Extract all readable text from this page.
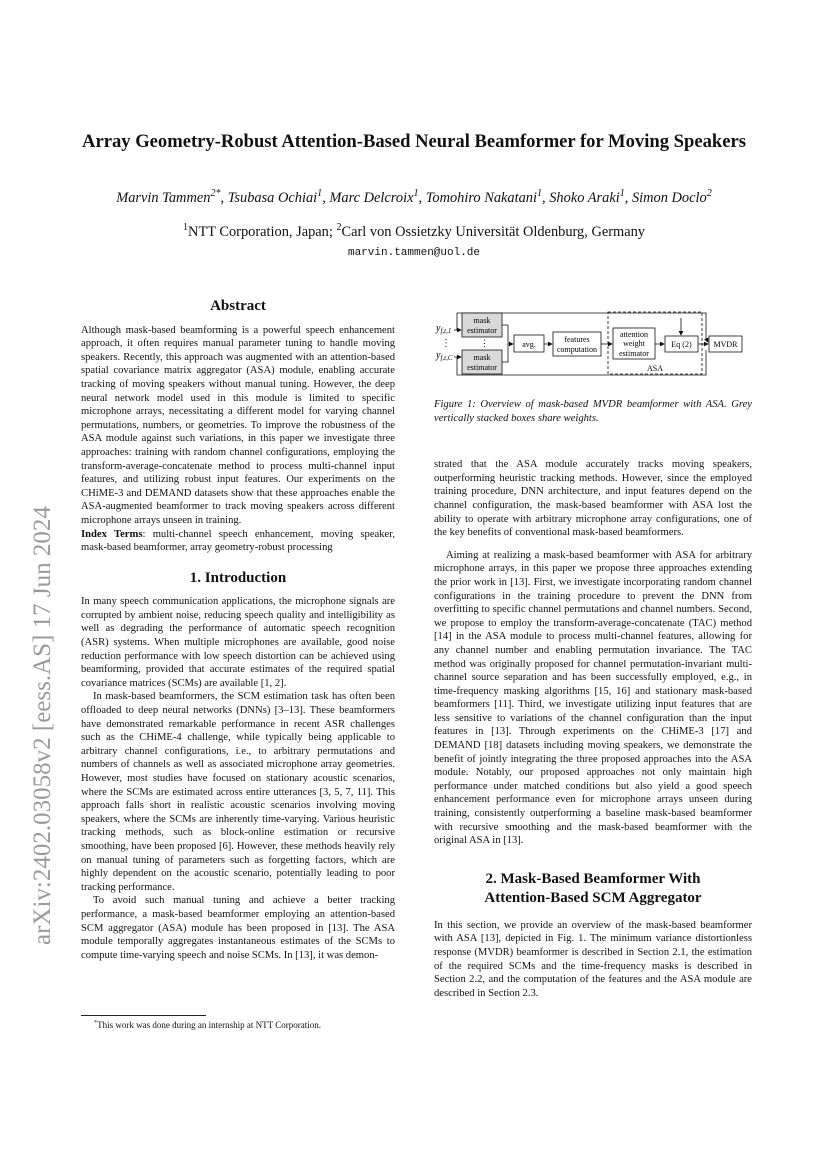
arXiv:2402.03058v2 [eess.AS] 17 Jun 2024
Array Geometry-Robust Attention-Based Neural Beamformer for Moving Speakers
Marvin Tammen$^{2*}$, Tsubasa Ochiai$^1$, Marc Delcroix$^1$, Tomohiro Nakatani$^1$, Shoko Araki$^1$, Simon Doclo$^2$
$^1$NTT Corporation, Japan; $^2$Carl von Ossietzky Universität Oldenburg, Germany
marvin.tammen@uol.de
Abstract

Although mask-based beamforming is a powerful speech enhancement approach, it often requires manual parameter tuning to handle moving speakers. Recently, this approach was augmented with an attention-based spatial covariance matrix aggregator (ASA) module, enabling accurate tracking of moving speakers without manual tuning. However, the deep neural network model used in this module is limited to specific microphone arrays, necessitating a different model for varying channel permutations, numbers, or geometries. To improve the robustness of the ASA module against such variations, in this paper we investigate three approaches: training with random channel configurations, employing the transform-average-concatenate method to process multi-channel input features, and utilizing robust input features. Our experiments on the CHiME-3 and DEMAND datasets show that these approaches enable the ASA-augmented beamformer to track moving speakers across different microphone arrays unseen in training.

Index Terms: multi-channel speech enhancement, moving speaker, mask-based beamformer, array geometry-robust processing

1. Introduction

In many speech communication applications, the microphone signals are corrupted by ambient noise, reducing speech quality and intelligibility as well as degrading the performance of automatic speech recognition (ASR) systems. When multiple microphones are available, good noise reduction performance with low speech distortion can be achieved using beamforming, provided that accurate estimates of the required spatial covariance matrices (SCMs) are available [1, 2].

In mask-based beamformers, the SCM estimation task has often been offloaded to deep neural networks (DNNs) [3–13]. These beamformers have demonstrated remarkable performance in recent ASR challenges such as the CHiME-4 challenge, while typically being applicable to arbitrary channel configurations, i.e., to arbitrary permutations and numbers of channels as well as associated microphone array geometries. However, most studies have focused on stationary acoustic scenarios, where the SCMs are estimated across entire utterances [3, 5, 7, 11]. This approach falls short in realistic acoustic scenarios involving moving speakers, where the SCMs are inherently time-varying. Various heuristic tracking methods, such as block-online estimation or recursive smoothing, have been proposed [6]. However, these methods heavily rely on manual tuning of parameters such as forgetting factors, which are highly dependent on the acoustic scenario, potentially leading to poor tracking performance.

To avoid such manual tuning and achieve a better tracking performance, a mask-based beamformer employing an attention-based SCM aggregator (ASA) module has been proposed in [13]. The ASA module temporally aggregates instantaneous estimates of the SCMs to compute time-varying speech and noise SCMs. In [13], it was demon-

*This work was done during an internship at NTT Corporation.
$y_{f,t,1}$
⋮
$y_{f,t,C}$
mask
estimator
⋮
mask
estimator
avg.
features
computation
ASA
attention
weight
estimator
Eq (2)	MVDR

Figure 1: Overview of mask-based MVDR beamformer with ASA. Grey vertically stacked boxes share weights.

strated that the ASA module accurately tracks moving speakers, outperforming heuristic tracking methods. However, since the employed training procedure, DNN architecture, and input features depend on the channel configuration, the mask-based beamformer with ASA lost the ability to operate with arbitrary microphone array configurations, one of the key benefits of conventional mask-based beamformers.

Aiming at realizing a mask-based beamformer with ASA for arbitrary microphone arrays, in this paper we propose three approaches extending the prior work in [13]. First, we investigate incorporating random channel configurations in the training procedure to prevent the DNN from overfitting to specific channel permutations and channel numbers. Second, we propose to employ the transform-average-concatenate (TAC) method [14] in the ASA module to process multi-channel features, allowing for any channel number and enabling permutation invariance. The TAC method was originally proposed for channel permutation-invariant multi-channel source separation and has been successfully employed, e.g., in time-frequency masking algorithms [15, 16] and stationary mask-based beamformers [11]. Third, we investigate utilizing input features that are less sensitive to variations of the channel configuration than the input features in [13]. Through experiments on the CHiME-3 [17] and DEMAND [18] datasets including moving speakers, we demonstrate the benefit of jointly integrating the three proposed approaches into the ASA module. Notably, our proposed approaches not only maintain high performance under matched conditions but also yield a good speech enhancement performance even for microphone arrays unseen during training, consistently outperforming a baseline mask-based beamformer with recursive smoothing and the mask-based beamformer with the original ASA in [13].

2. Mask-Based Beamformer With
Attention-Based SCM Aggregator

In this section, we provide an overview of the mask-based beamformer with ASA [13], depicted in Fig. 1. The minimum variance distortionless response (MVDR) beamformer is described in Section 2.1, the estimation of the required SCMs and the time-frequency masks is described in Section 2.2, and the computation of the features and the ASA module are described in Section 2.3.
